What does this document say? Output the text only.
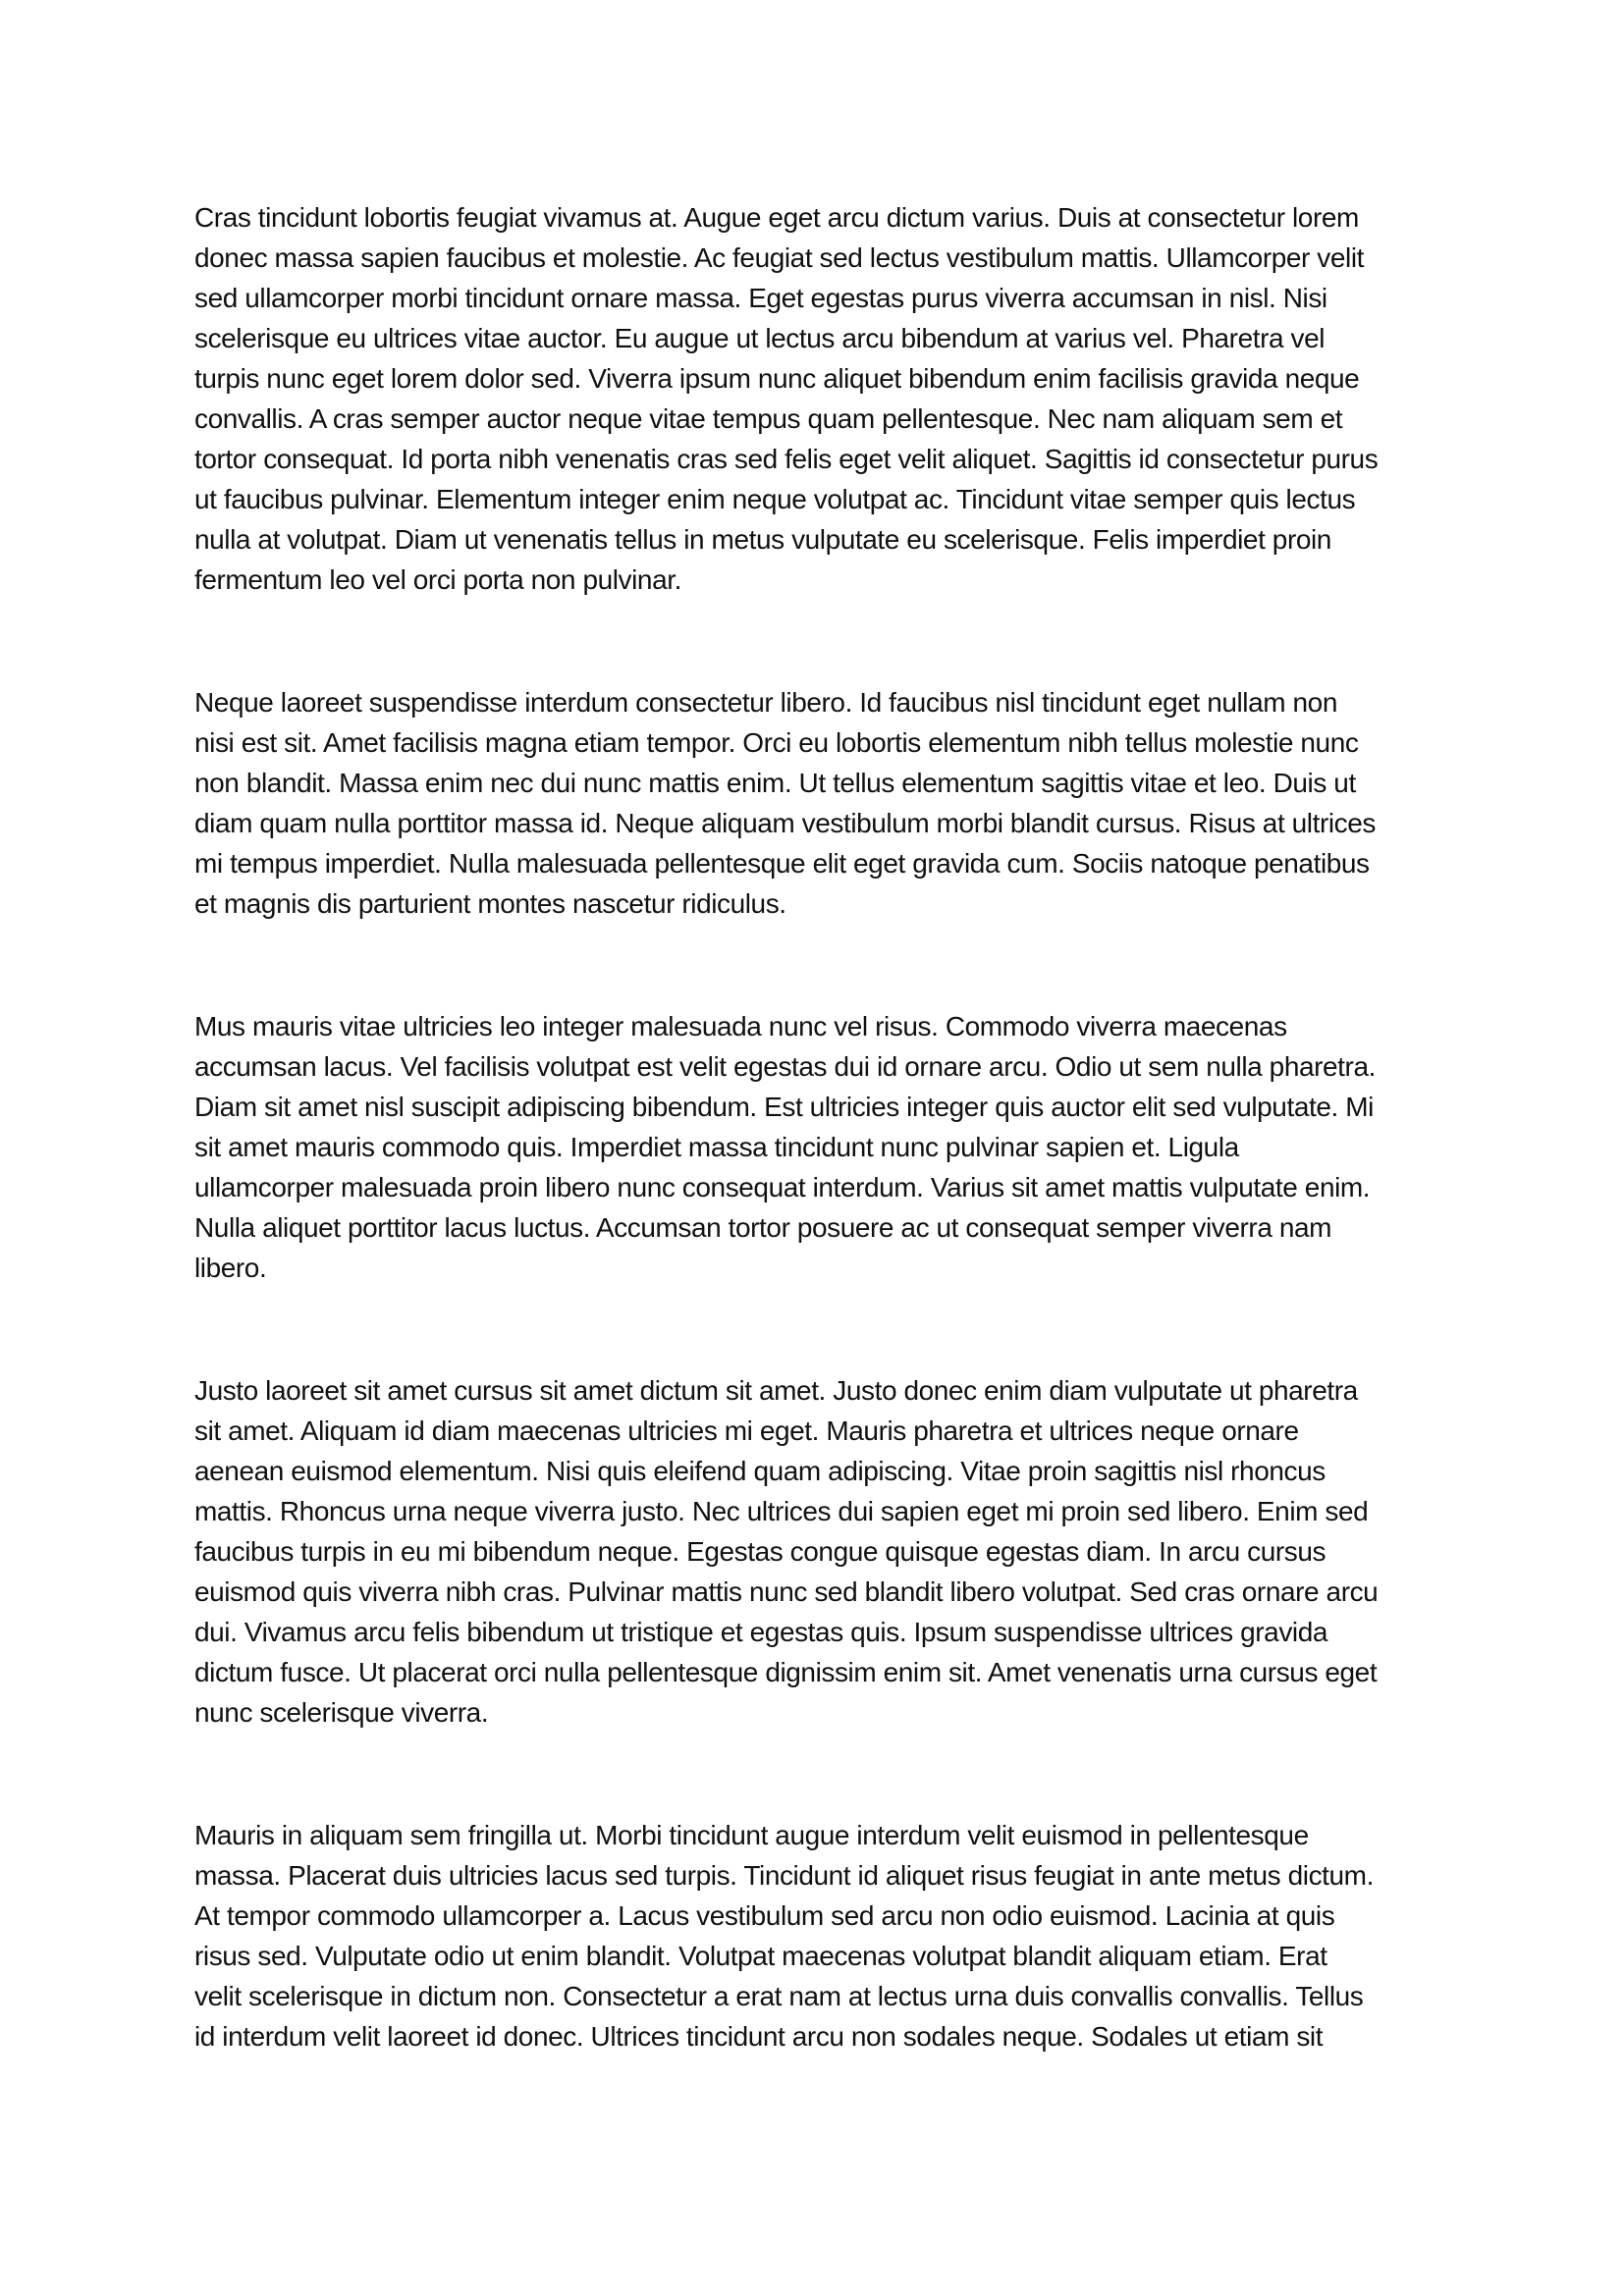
Cras tincidunt lobortis feugiat vivamus at. Augue eget arcu dictum varius. Duis at consectetur lorem
donec massa sapien faucibus et molestie. Ac feugiat sed lectus vestibulum mattis. Ullamcorper velit
sed ullamcorper morbi tincidunt ornare massa. Eget egestas purus viverra accumsan in nisl. Nisi
scelerisque eu ultrices vitae auctor. Eu augue ut lectus arcu bibendum at varius vel. Pharetra vel
turpis nunc eget lorem dolor sed. Viverra ipsum nunc aliquet bibendum enim facilisis gravida neque
convallis. A cras semper auctor neque vitae tempus quam pellentesque. Nec nam aliquam sem et
tortor consequat. Id porta nibh venenatis cras sed felis eget velit aliquet. Sagittis id consectetur purus
ut faucibus pulvinar. Elementum integer enim neque volutpat ac. Tincidunt vitae semper quis lectus
nulla at volutpat. Diam ut venenatis tellus in metus vulputate eu scelerisque. Felis imperdiet proin
fermentum leo vel orci porta non pulvinar.

Neque laoreet suspendisse interdum consectetur libero. Id faucibus nisl tincidunt eget nullam non
nisi est sit. Amet facilisis magna etiam tempor. Orci eu lobortis elementum nibh tellus molestie nunc
non blandit. Massa enim nec dui nunc mattis enim. Ut tellus elementum sagittis vitae et leo. Duis ut
diam quam nulla porttitor massa id. Neque aliquam vestibulum morbi blandit cursus. Risus at ultrices
mi tempus imperdiet. Nulla malesuada pellentesque elit eget gravida cum. Sociis natoque penatibus
et magnis dis parturient montes nascetur ridiculus.

Mus mauris vitae ultricies leo integer malesuada nunc vel risus. Commodo viverra maecenas
accumsan lacus. Vel facilisis volutpat est velit egestas dui id ornare arcu. Odio ut sem nulla pharetra.
Diam sit amet nisl suscipit adipiscing bibendum. Est ultricies integer quis auctor elit sed vulputate. Mi
sit amet mauris commodo quis. Imperdiet massa tincidunt nunc pulvinar sapien et. Ligula
ullamcorper malesuada proin libero nunc consequat interdum. Varius sit amet mattis vulputate enim.
Nulla aliquet porttitor lacus luctus. Accumsan tortor posuere ac ut consequat semper viverra nam
libero.

Justo laoreet sit amet cursus sit amet dictum sit amet. Justo donec enim diam vulputate ut pharetra
sit amet. Aliquam id diam maecenas ultricies mi eget. Mauris pharetra et ultrices neque ornare
aenean euismod elementum. Nisi quis eleifend quam adipiscing. Vitae proin sagittis nisl rhoncus
mattis. Rhoncus urna neque viverra justo. Nec ultrices dui sapien eget mi proin sed libero. Enim sed
faucibus turpis in eu mi bibendum neque. Egestas congue quisque egestas diam. In arcu cursus
euismod quis viverra nibh cras. Pulvinar mattis nunc sed blandit libero volutpat. Sed cras ornare arcu
dui. Vivamus arcu felis bibendum ut tristique et egestas quis. Ipsum suspendisse ultrices gravida
dictum fusce. Ut placerat orci nulla pellentesque dignissim enim sit. Amet venenatis urna cursus eget
nunc scelerisque viverra.

Mauris in aliquam sem fringilla ut. Morbi tincidunt augue interdum velit euismod in pellentesque
massa. Placerat duis ultricies lacus sed turpis. Tincidunt id aliquet risus feugiat in ante metus dictum.
At tempor commodo ullamcorper a. Lacus vestibulum sed arcu non odio euismod. Lacinia at quis
risus sed. Vulputate odio ut enim blandit. Volutpat maecenas volutpat blandit aliquam etiam. Erat
velit scelerisque in dictum non. Consectetur a erat nam at lectus urna duis convallis convallis. Tellus
id interdum velit laoreet id donec. Ultrices tincidunt arcu non sodales neque. Sodales ut etiam sit
